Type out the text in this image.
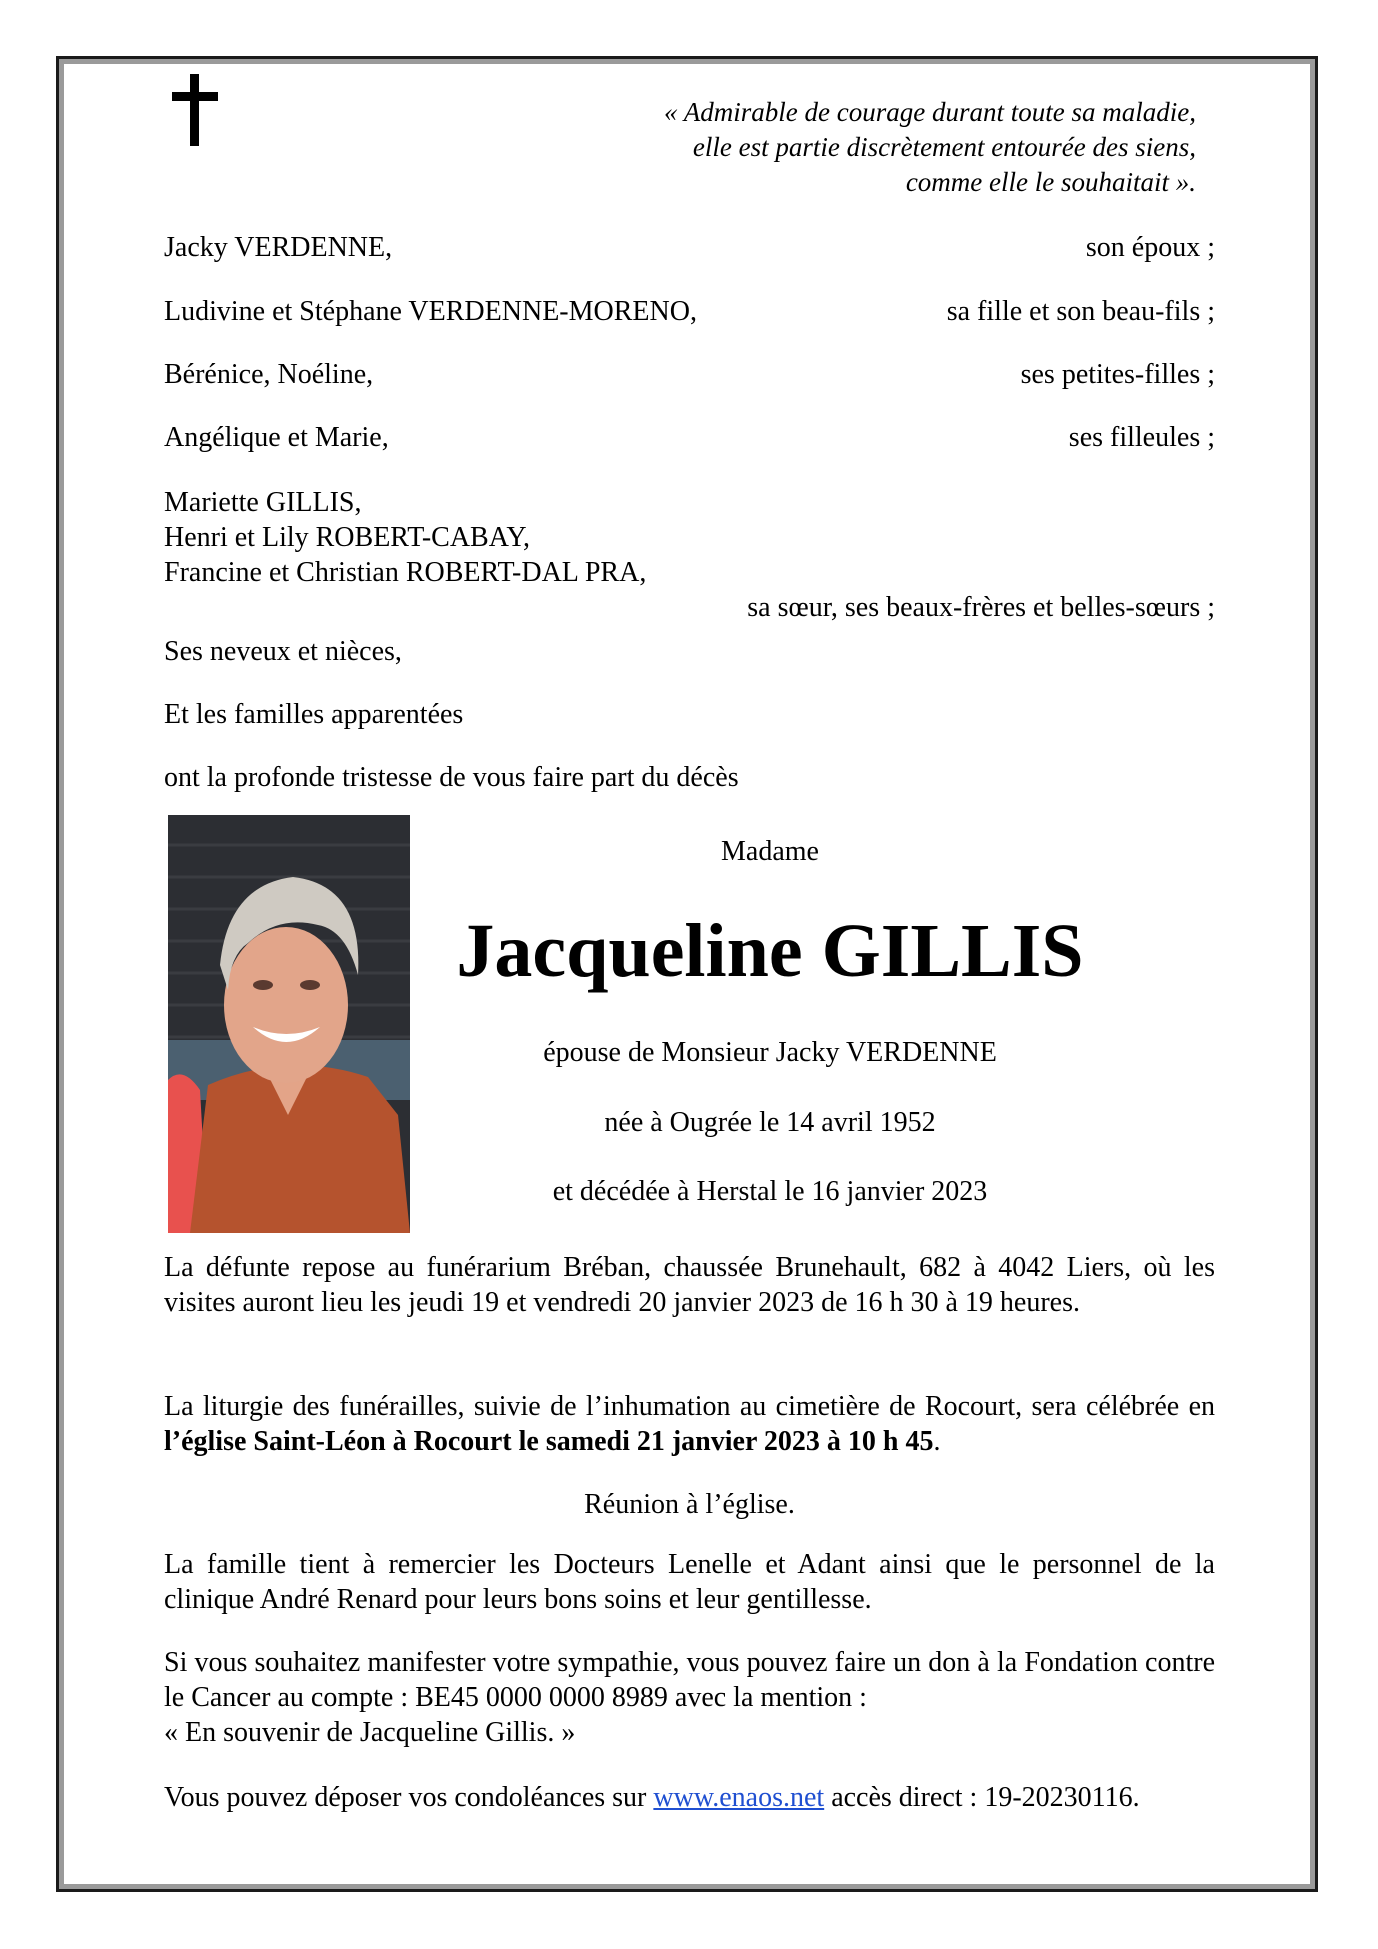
« Admirable de courage durant toute sa maladie,
elle est partie discrètement entourée des siens,
comme elle le souhaitait ».
Jacky VERDENNE,	son époux ;
Ludivine et Stéphane VERDENNE-MORENO,	sa fille et son beau-fils ;
Bérénice, Noéline,	ses petites-filles ;
Angélique et Marie,	ses filleules ;
Mariette GILLIS,
Henri et Lily ROBERT-CABAY,
Francine et Christian ROBERT-DAL PRA,
sa sœur, ses beaux-frères et belles-sœurs ;
Ses neveux et nièces,
Et les familles apparentées
ont la profonde tristesse de vous faire part du décès
Madame
Jacqueline GILLIS
épouse de Monsieur Jacky VERDENNE
née à Ougrée le 14 avril 1952
et décédée à Herstal le 16 janvier 2023
La défunte repose au funérarium Bréban, chaussée Brunehault, 682 à 4042 Liers, où les visites auront lieu les jeudi 19 et vendredi 20 janvier 2023 de 16 h 30 à 19 heures.
La liturgie des funérailles, suivie de l’inhumation au cimetière de Rocourt, sera célébrée en l’église Saint-Léon à Rocourt le samedi 21 janvier 2023 à 10 h 45.
Réunion à l’église.
La famille tient à remercier les Docteurs Lenelle et Adant ainsi que le personnel de la clinique André Renard pour leurs bons soins et leur gentillesse.
Si vous souhaitez manifester votre sympathie, vous pouvez faire un don à la Fondation contre le Cancer au compte : BE45 0000 0000 8989 avec la mention :
« En souvenir de Jacqueline Gillis. »
Vous pouvez déposer vos condoléances sur www.enaos.net accès direct : 19-20230116.
